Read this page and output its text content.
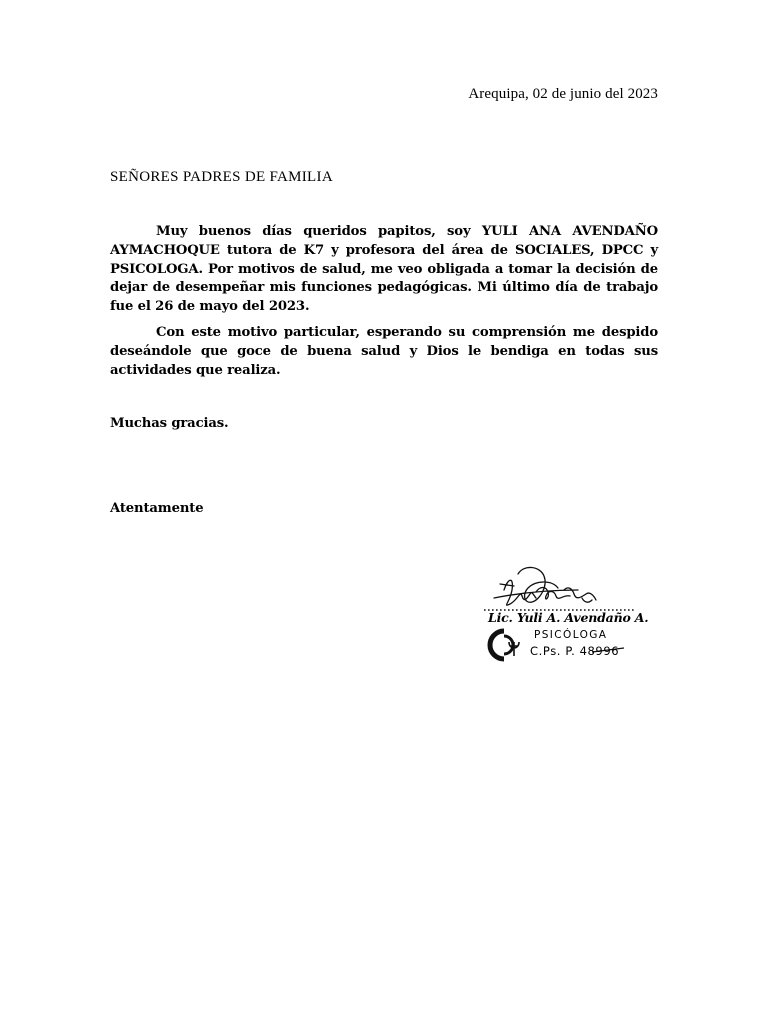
Arequipa, 02 de junio del 2023
SEÑORES PADRES DE FAMILIA
Muy buenos días queridos papitos, soy YULI ANA AVENDAÑO AYMACHOQUE tutora de K7 y profesora del área de SOCIALES, DPCC y PSICOLOGA. Por motivos de salud, me veo obligada a tomar la decisión de dejar de desempeñar mis funciones pedagógicas. Mi último día de trabajo fue el 26 de mayo del 2023.
Con este motivo particular, esperando su comprensión me despido deseándole que goce de buena salud y Dios le bendiga en todas sus actividades que realiza.
Muchas gracias.
Atentamente
Lic. Yuli A. Avendaño A.
PSICÓLOGA
C.Ps. P. 48996
